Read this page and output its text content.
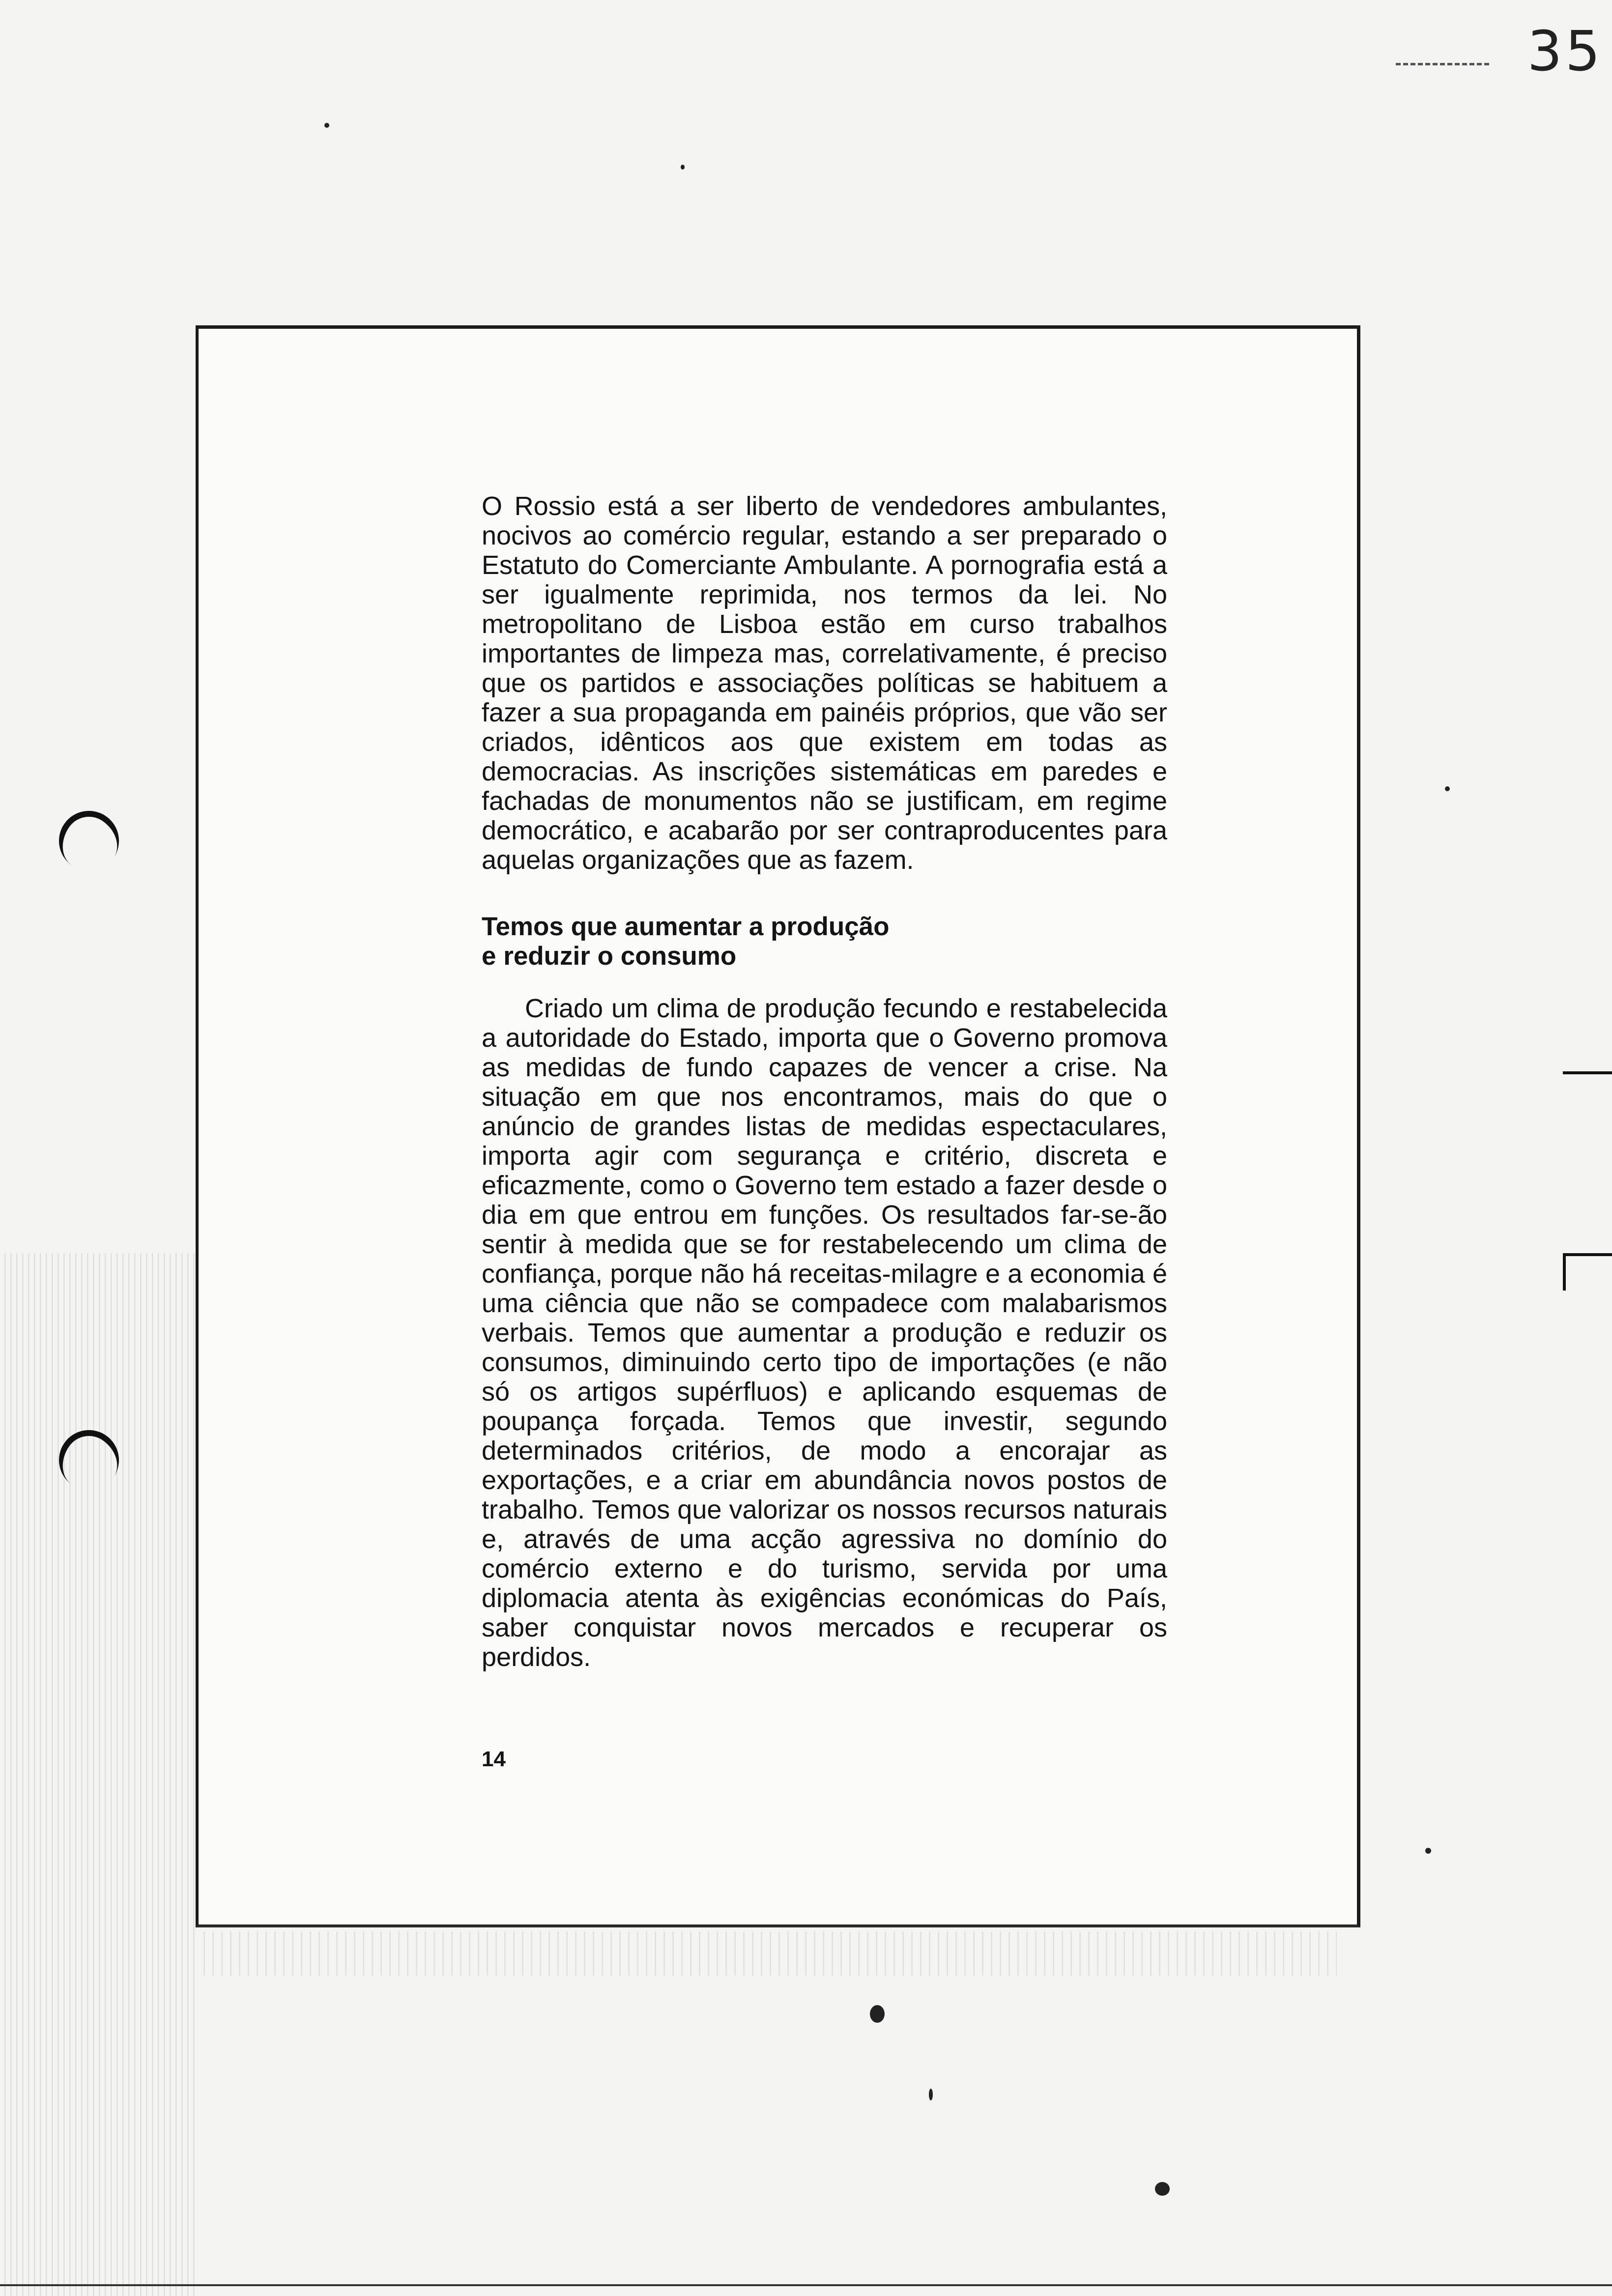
35

O Rossio está a ser liberto de vendedores ambulantes, nocivos ao comércio regular, estando a ser preparado o Estatuto do Comerciante Ambulante. A pornografia está a ser igualmente reprimida, nos termos da lei. No metropolitano de Lisboa estão em curso trabalhos importantes de limpeza mas, correlativamente, é preciso que os partidos e associações políticas se habituem a fazer a sua propaganda em painéis próprios, que vão ser criados, idênticos aos que existem em todas as democracias. As inscrições sistemáticas em paredes e fachadas de monumentos não se justificam, em regime democrático, e acabarão por ser contraproducentes para aquelas organizações que as fazem.

Temos que aumentar a produção
e reduzir o consumo

Criado um clima de produção fecundo e restabelecida a autoridade do Estado, importa que o Governo promova as medidas de fundo capazes de vencer a crise. Na situação em que nos encontramos, mais do que o anúncio de grandes listas de medidas espectaculares, importa agir com segurança e critério, discreta e eficazmente, como o Governo tem estado a fazer desde o dia em que entrou em funções. Os resultados far-se-ão sentir à medida que se for restabelecendo um clima de confiança, porque não há receitas-milagre e a economia é uma ciência que não se compadece com malabarismos verbais. Temos que aumentar a produção e reduzir os consumos, diminuindo certo tipo de importações (e não só os artigos supérfluos) e aplicando esquemas de poupança forçada. Temos que investir, segundo determinados critérios, de modo a encorajar as exportações, e a criar em abundância novos postos de trabalho. Temos que valorizar os nossos recursos naturais e, através de uma acção agressiva no domínio do comércio externo e do turismo, servida por uma diplomacia atenta às exigências económicas do País, saber conquistar novos mercados e recuperar os perdidos.

14
